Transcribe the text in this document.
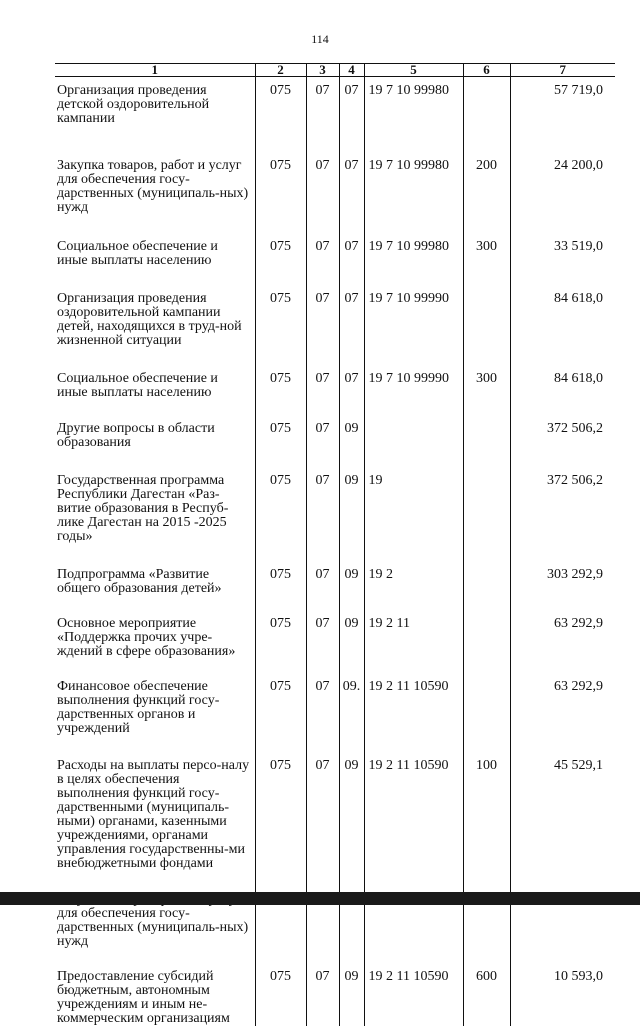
114
1	2	3	4	5	6	7
Организация проведения детской оздоровительной кампании	075	07	07	19 7 10 99980		57 719,0
Закупка товаров, работ и услуг для обеспечения госу-дарственных (муниципаль-ных) нужд	075	07	07	19 7 10 99980	200	24 200,0
Социальное обеспечение и иные выплаты населению	075	07	07	19 7 10 99980	300	33 519,0
Организация проведения оздоровительной кампании детей, находящихся в труд-ной жизненной ситуации	075	07	07	19 7 10 99990		84 618,0
Социальное обеспечение и иные выплаты населению	075	07	07	19 7 10 99990	300	84 618,0
Другие вопросы в области образования	075	07	09			372 506,2
Государственная программа Республики Дагестан «Раз-витие образования в Респуб-лике Дагестан на 2015 -2025 годы»	075	07	09	19		372 506,2
Подпрограмма «Развитие общего образования детей»	075	07	09	19 2		303 292,9
Основное мероприятие «Поддержка прочих учре-ждений в сфере образования»	075	07	09	19 2 11		63 292,9
Финансовое обеспечение выполнения функций госу-дарственных органов и учреждений	075	07	09.	19 2 11 10590		63 292,9
Расходы на выплаты персо-налу в целях обеспечения выполнения функций госу-дарственными (муниципаль-ными) органами, казенными учреждениями, органами управления государственны-ми внебюджетными фондами	075	07	09	19 2 11 10590	100	45 529,1
для обеспечения госу-дарственных (муниципаль-ных) нужд						
Предоставление субсидий бюджетным, автономным учреждениям и иным не-коммерческим организациям	075	07	09	19 2 11 10590	600	10 593,0
